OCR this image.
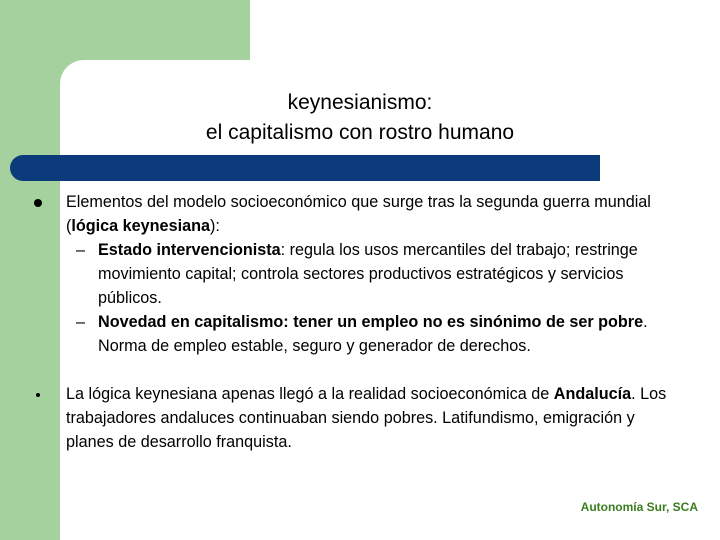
keynesianismo:
el capitalismo con rostro humano
Elementos del modelo socioeconómico que surge tras la segunda guerra mundial (lógica keynesiana):
– Estado intervencionista: regula los usos mercantiles del trabajo; restringe movimiento capital; controla sectores productivos estratégicos y servicios públicos.
– Novedad en capitalismo: tener un empleo no es sinónimo de ser pobre. Norma de empleo estable, seguro y generador de derechos.
La lógica keynesiana apenas llegó a la realidad socioeconómica de Andalucía. Los trabajadores andaluces continuaban siendo pobres. Latifundismo, emigración y planes de desarrollo franquista.
Autonomía Sur, SCA
